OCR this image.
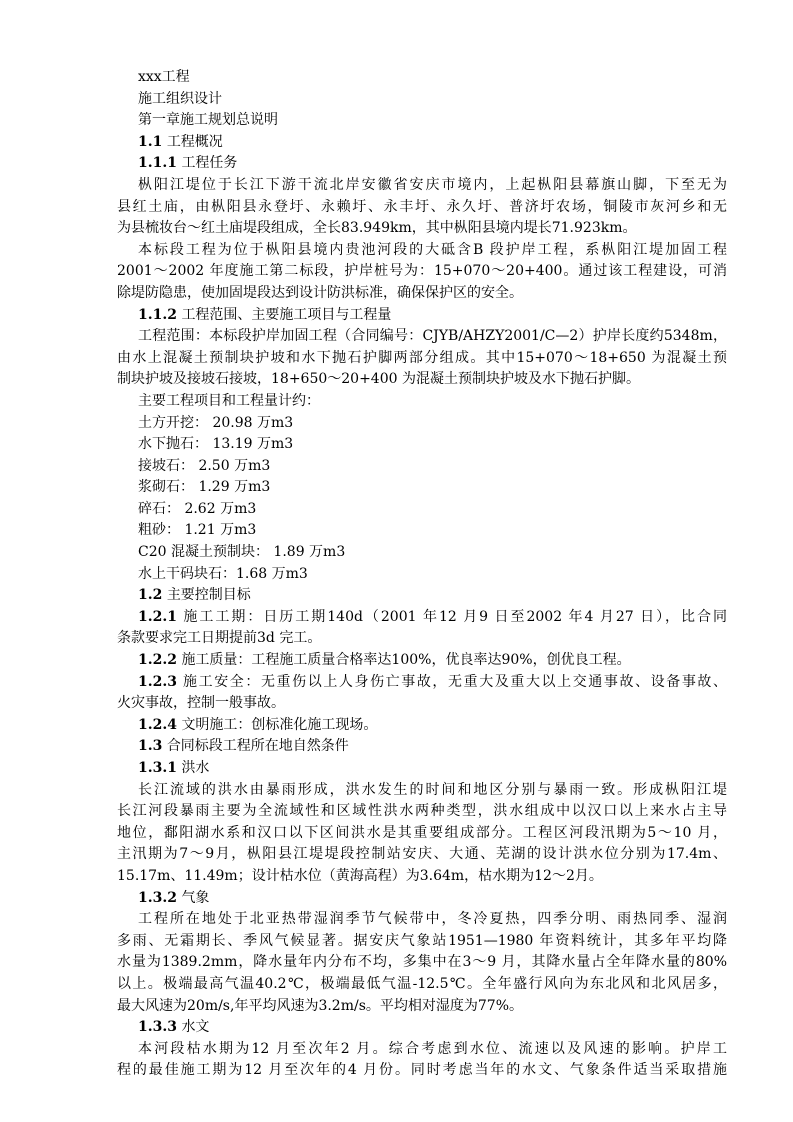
xxx工程
施工组织设计
第一章施工规划总说明
1.1 工程概况
1.1.1 工程任务
枞阳江堤位于长江下游干流北岸安徽省安庆市境内，上起枞阳县幕旗山脚，下至无为
县红土庙，由枞阳县永登圩、永赖圩、永丰圩、永久圩、普济圩农场，铜陵市灰河乡和无
为县梳妆台～红土庙堤段组成，全长83.949km，其中枞阳县境内堤长71.923km。
本标段工程为位于枞阳县境内贵池河段的大砥含B 段护岸工程，系枞阳江堤加固工程
2001～2002 年度施工第二标段，护岸桩号为：15+070～20+400。通过该工程建设，可消
除堤防隐患，使加固堤段达到设计防洪标准，确保保护区的安全。
1.1.2 工程范围、主要施工项目与工程量
工程范围：本标段护岸加固工程（合同编号：CJYB/AHZY2001/C—2）护岸长度约5348m，
由水上混凝土预制块护坡和水下抛石护脚两部分组成。其中15+070～18+650 为混凝土预
制块护坡及接坡石接坡，18+650～20+400 为混凝土预制块护坡及水下抛石护脚。
主要工程项目和工程量计约：
土方开挖： 20.98 万m3
水下抛石： 13.19 万m3
接坡石： 2.50 万m3
浆砌石： 1.29 万m3
碎石： 2.62 万m3
粗砂： 1.21 万m3
C20 混凝土预制块： 1.89 万m3
水上干码块石：1.68 万m3
1.2 主要控制目标
1.2.1 施工工期：日历工期140d（2001 年12 月9 日至2002 年4 月27 日），比合同
条款要求完工日期提前3d 完工。
1.2.2 施工质量：工程施工质量合格率达100%，优良率达90%，创优良工程。
1.2.3 施工安全：无重伤以上人身伤亡事故，无重大及重大以上交通事故、设备事故、
火灾事故，控制一般事故。
1.2.4 文明施工：创标准化施工现场。
1.3 合同标段工程所在地自然条件
1.3.1 洪水
长江流域的洪水由暴雨形成，洪水发生的时间和地区分别与暴雨一致。形成枞阳江堤
长江河段暴雨主要为全流域性和区域性洪水两种类型，洪水组成中以汉口以上来水占主导
地位，鄱阳湖水系和汉口以下区间洪水是其重要组成部分。工程区河段汛期为5～10 月，
主汛期为7～9月，枞阳县江堤堤段控制站安庆、大通、芜湖的设计洪水位分别为17.4m、
15.17m、11.49m；设计枯水位（黄海高程）为3.64m，枯水期为12～2月。
1.3.2 气象
工程所在地处于北亚热带湿润季节气候带中，冬冷夏热，四季分明、雨热同季、湿润
多雨、无霜期长、季风气候显著。据安庆气象站1951—1980 年资料统计，其多年平均降
水量为1389.2mm，降水量年内分布不均，多集中在3～9 月，其降水量占全年降水量的80%
以上。极端最高气温40.2℃，极端最低气温-12.5℃。全年盛行风向为东北风和北风居多，
最大风速为20m/s,年平均风速为3.2m/s。平均相对湿度为77%。
1.3.3 水文
本河段枯水期为12 月至次年2 月。综合考虑到水位、流速以及风速的影响。护岸工
程的最佳施工期为12 月至次年的4 月份。同时考虑当年的水文、气象条件适当采取措施
